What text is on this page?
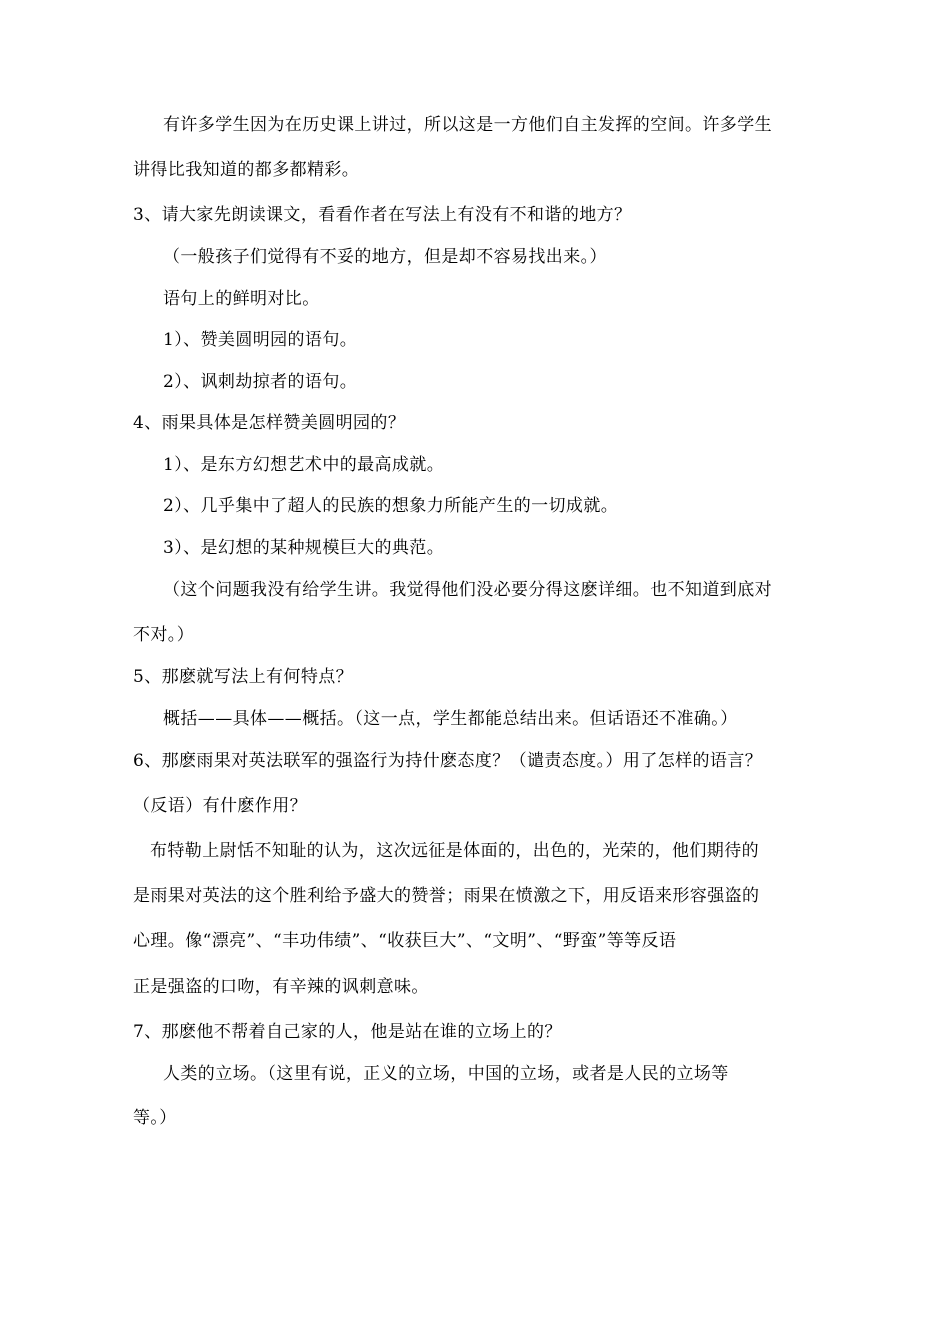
有许多学生因为在历史课上讲过，所以这是一方他们自主发挥的空间。许多学生
讲得比我知道的都多都精彩。
3、请大家先朗读课文，看看作者在写法上有没有不和谐的地方？
（一般孩子们觉得有不妥的地方，但是却不容易找出来。）
语句上的鲜明对比。
1）、赞美圆明园的语句。
2）、讽刺劫掠者的语句。
4、雨果具体是怎样赞美圆明园的？
1）、是东方幻想艺术中的最高成就。
2）、几乎集中了超人的民族的想象力所能产生的一切成就。
3）、是幻想的某种规模巨大的典范。
（这个问题我没有给学生讲。我觉得他们没必要分得这麽详细。也不知道到底对
不对。）
5、那麽就写法上有何特点？
概括——具体——概括。（这一点，学生都能总结出来。但话语还不准确。）
6、那麽雨果对英法联军的强盗行为持什麽态度？（谴责态度。）用了怎样的语言？
（反语）有什麽作用？
布特勒上尉恬不知耻的认为，这次远征是体面的，出色的，光荣的，他们期待的
是雨果对英法的这个胜利给予盛大的赞誉；雨果在愤激之下，用反语来形容强盗的
心理。像“漂亮”、“丰功伟绩”、“收获巨大”、“文明”、“野蛮”等等反语
正是强盗的口吻，有辛辣的讽刺意味。
7、那麽他不帮着自己家的人，他是站在谁的立场上的？
人类的立场。（这里有说，正义的立场，中国的立场，或者是人民的立场等
等。）
